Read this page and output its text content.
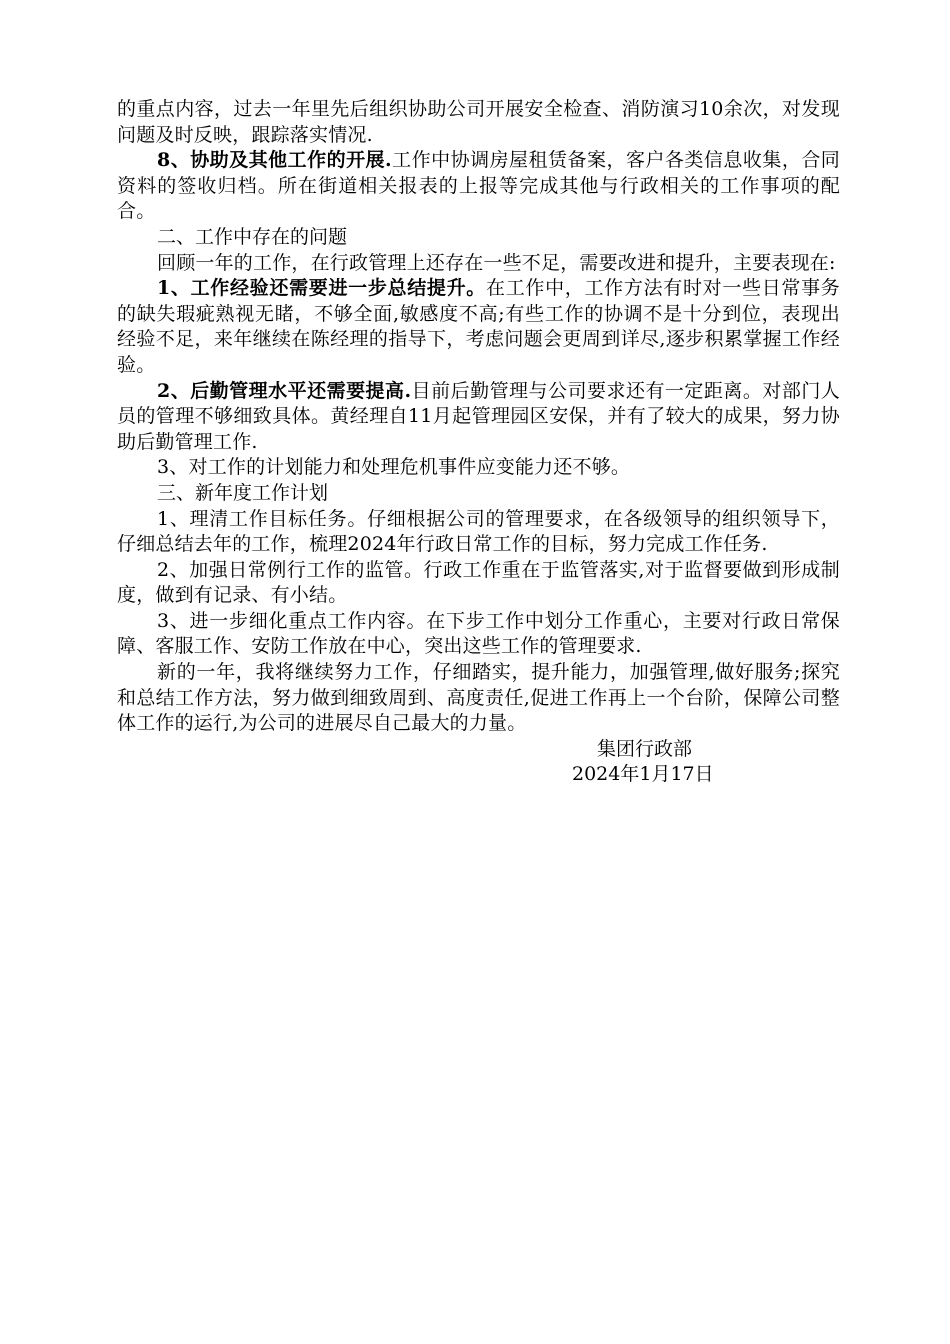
的重点内容，过去一年里先后组织协助公司开展安全检查、消防演习10余次，对发现问题及时反映，跟踪落实情况.

8、协助及其他工作的开展.工作中协调房屋租赁备案，客户各类信息收集，合同资料的签收归档。所在街道相关报表的上报等完成其他与行政相关的工作事项的配合。

二、工作中存在的问题

回顾一年的工作，在行政管理上还存在一些不足，需要改进和提升，主要表现在:

1、工作经验还需要进一步总结提升。在工作中，工作方法有时对一些日常事务的缺失瑕疵熟视无睹，不够全面,敏感度不高;有些工作的协调不是十分到位，表现出经验不足，来年继续在陈经理的指导下，考虑问题会更周到详尽,逐步积累掌握工作经验。

2、后勤管理水平还需要提高.目前后勤管理与公司要求还有一定距离。对部门人员的管理不够细致具体。黄经理自11月起管理园区安保，并有了较大的成果，努力协助后勤管理工作.

3、对工作的计划能力和处理危机事件应变能力还不够。

三、新年度工作计划

1、理清工作目标任务。仔细根据公司的管理要求，在各级领导的组织领导下，仔细总结去年的工作，梳理2024年行政日常工作的目标，努力完成工作任务.

2、加强日常例行工作的监管。行政工作重在于监管落实,对于监督要做到形成制度，做到有记录、有小结。

3、进一步细化重点工作内容。在下步工作中划分工作重心，主要对行政日常保障、客服工作、安防工作放在中心，突出这些工作的管理要求.

新的一年，我将继续努力工作，仔细踏实，提升能力，加强管理,做好服务;探究和总结工作方法，努力做到细致周到、高度责任,促进工作再上一个台阶，保障公司整体工作的运行,为公司的进展尽自己最大的力量。

集团行政部

2024年1月17日
